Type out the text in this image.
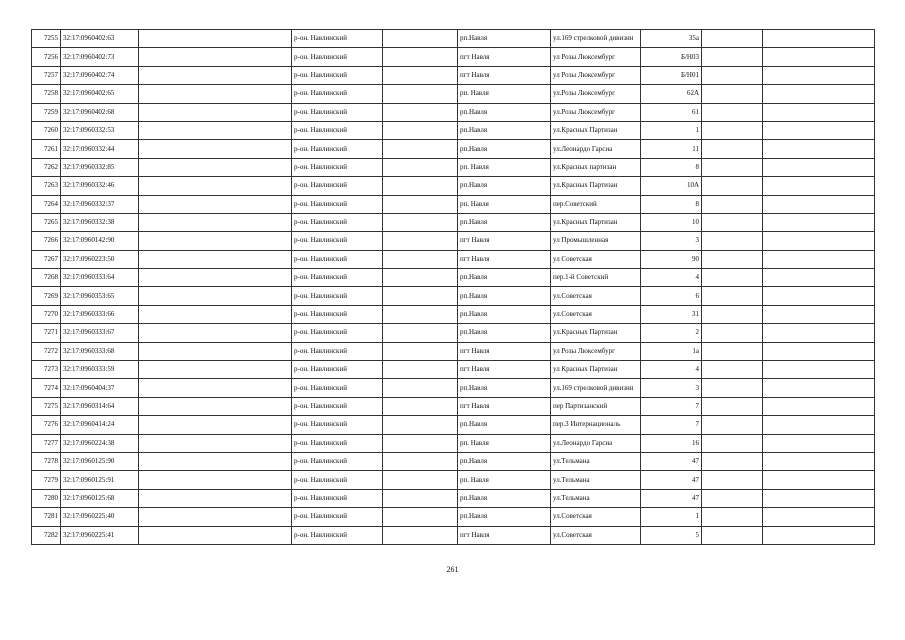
7255	32:17:0960402:63		р-он. Навлинский		рп.Навля	ул.169 стрелковой дивизии	35а		
7256	32:17:0960402:73		р-он. Навлинский		пгт Навля	ул Розы Люксембург	Б/Н03		
7257	32:17:0960402:74		р-он. Навлинский		пгт Навля	ул Розы Люксембург	Б/Н01		
7258	32:17:0960402:65		р-он. Навлинский		рп. Навля	ул.Розы Люксембург	62А		
7259	32:17:0960402:68		р-он. Навлинский		рп.Навля	ул.Розы Люксембург	61		
7260	32:17:0960332:53		р-он. Навлинский		рп.Навля	ул.Красных Партизан	1		
7261	32:17:0960332:44		р-он. Навлинский		рп.Навля	ул.Леонардо Гарсиа	11		
7262	32:17:0960332:85		р-он. Навлинский		рп. Навля	ул.Красных партизан	8		
7263	32:17:0960332:46		р-он. Навлинский		рп.Навля	ул.Красных Партизан	10А		
7264	32:17:0960332:37		р-он. Навлинский		рп. Навля	пер.Советский	8		
7265	32:17:0960332:38		р-он. Навлинский		рп.Навля	ул.Красных Партизан	10		
7266	32:17:0960142:90		р-он. Навлинский		пгт Навля	ул Промышленная	3		
7267	32:17:0960223:50		р-он. Навлинский		пгт Навля	ул Советская	90		
7268	32:17:0960333:64		р-он. Навлинский		рп.Навля	пер.1-й Советский	4		
7269	32:17:0960353:65		р-он. Навлинский		рп.Навля	ул.Советская	6		
7270	32:17:0960333:66		р-он. Навлинский		рп.Навля	ул.Советская	31		
7271	32:17:0960333:67		р-он. Навлинский		рп.Навля	ул.Красных Партизан	2		
7272	32:17:0960333:68		р-он. Навлинский		пгт Навля	ул Розы Люксембург	1а		
7273	32:17:0960333:59		р-он. Навлинский		пгт Навля	ул Красных Партизан	4		
7274	32:17:0960404:37		р-он. Навлинский		рп.Навля	ул.169 стрелковой дивизии	3		
7275	32:17:0960314:64		р-он. Навлинский		пгт Навля	пер Партизанский	7		
7276	32:17:0960414:24		р-он. Навлинский		рп.Навля	пер.3 Интернациональ	7		
7277	32:17:0960224:38		р-он. Навлинский		рп. Навля	ул.Леонардо Гарсиа	16		
7278	32:17:0960125:90		р-он. Навлинский		рп.Навля	ул.Тельмана	47		
7279	32:17:0960125:91		р-он. Навлинский		рп. Навля	ул.Тельмана	47		
7280	32:17:0960125:68		р-он. Навлинский		рп.Навля	ул.Тельмана	47		
7281	32:17:0960225:40		р-он. Навлинский		рп.Навля	ул.Советская	1		
7282	32:17:0960225:41		р-он. Навлинский		пгт Навля	ул.Советская	5		
261
